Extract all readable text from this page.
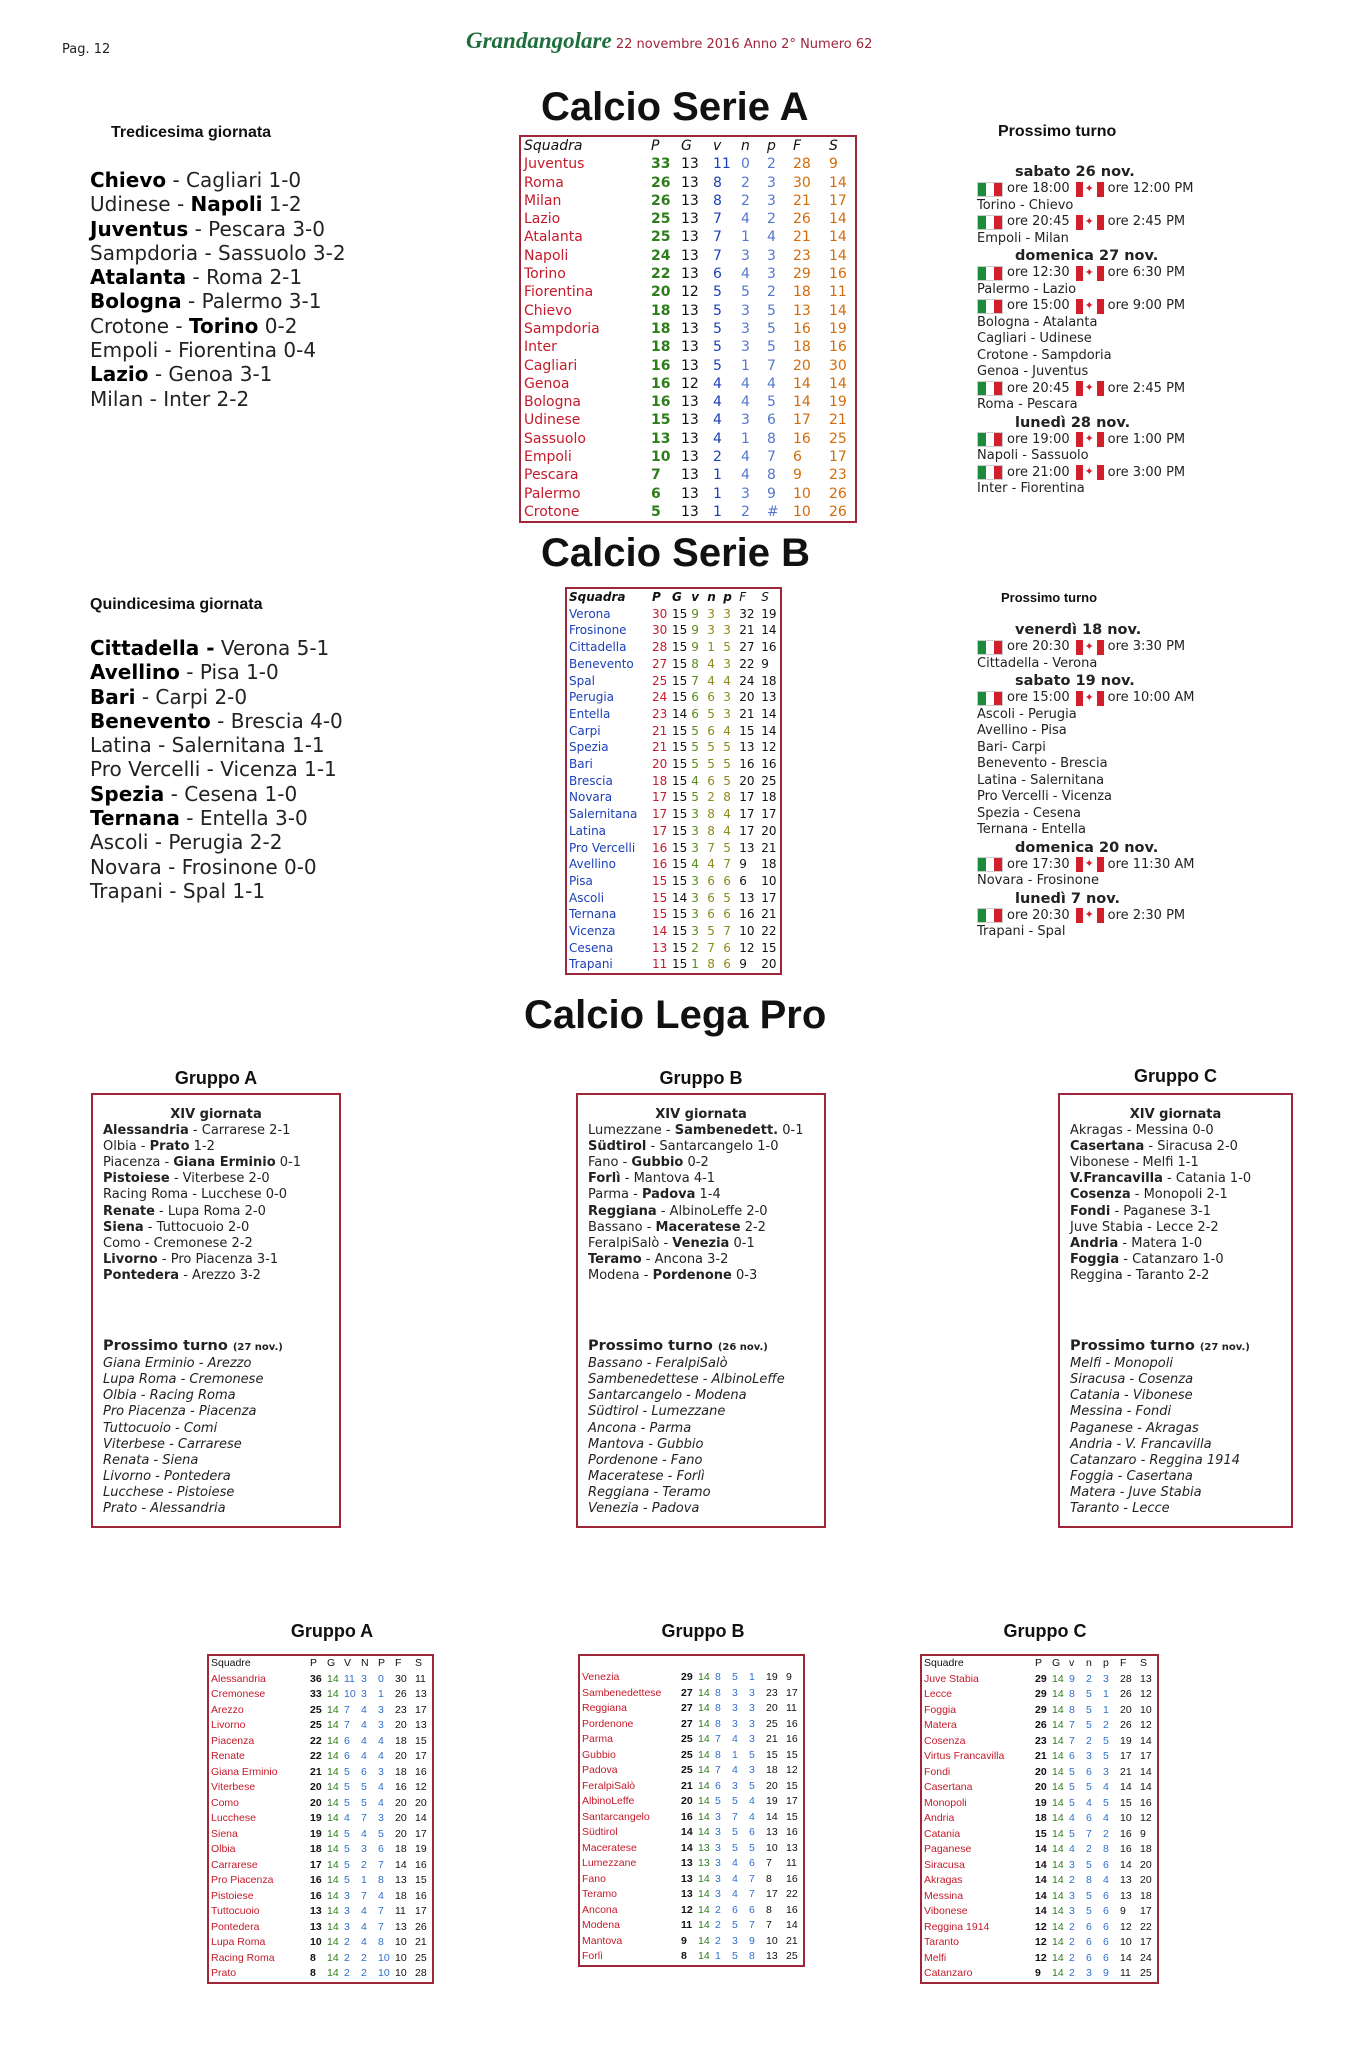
Pag. 12	Grandangolare 22 novembre 2016 Anno 2° Numero 62
Calcio Serie A
Tredicesima giornata
Chievo - Cagliari 1-0
Udinese - Napoli 1-2
Juventus - Pescara 3-0
Sampdoria - Sassuolo 3-2
Atalanta - Roma 2-1
Bologna - Palermo 3-1
Crotone - Torino 0-2
Empoli - Fiorentina 0-4
Lazio - Genoa 3-1
Milan - Inter 2-2
Squadra	P	G	v	n	p	F	S
Juventus	33	13	11	0	2	28	9
Roma	26	13	8	2	3	30	14
Milan	26	13	8	2	3	21	17
Lazio	25	13	7	4	2	26	14
Atalanta	25	13	7	1	4	21	14
Napoli	24	13	7	3	3	23	14
Torino	22	13	6	4	3	29	16
Fiorentina	20	12	5	5	2	18	11
Chievo	18	13	5	3	5	13	14
Sampdoria	18	13	5	3	5	16	19
Inter	18	13	5	3	5	18	16
Cagliari	16	13	5	1	7	20	30
Genoa	16	12	4	4	4	14	14
Bologna	16	13	4	4	5	14	19
Udinese	15	13	4	3	6	17	21
Sassuolo	13	13	4	1	8	16	25
Empoli	10	13	2	4	7	6	17
Pescara	7	13	1	4	8	9	23
Palermo	6	13	1	3	9	10	26
Crotone	5	13	1	2	#	10	26
Prossimo turno
sabato 26 nov.
ore 18:00 ✦	ore 12:00 PM
Torino - Chievo
ore 20:45 ✦	ore 2:45 PM
Empoli - Milan
domenica 27 nov.
ore 12:30 ✦	ore 6:30 PM
Palermo - Lazio
ore 15:00 ✦	ore 9:00 PM
Bologna - Atalanta
Cagliari - Udinese
Crotone - Sampdoria
Genoa - Juventus
ore 20:45 ✦	ore 2:45 PM
Roma - Pescara
lunedì 28 nov.
ore 19:00 ✦	ore 1:00 PM
Napoli - Sassuolo
ore 21:00 ✦	ore 3:00 PM
Inter - Fiorentina
Calcio Serie B
Quindicesima giornata
Cittadella - Verona 5-1
Avellino - Pisa 1-0
Bari - Carpi 2-0
Benevento - Brescia 4-0
Latina - Salernitana 1-1
Pro Vercelli - Vicenza 1-1
Spezia - Cesena 1-0
Ternana - Entella 3-0
Ascoli - Perugia 2-2
Novara - Frosinone 0-0
Trapani - Spal 1-1
Squadra	P	G	v	n	p	F	S
Verona	30	15	9	3	3	32	19
Frosinone	30	15	9	3	3	21	14
Cittadella	28	15	9	1	5	27	16
Benevento	27	15	8	4	3	22	9
Spal	25	15	7	4	4	24	18
Perugia	24	15	6	6	3	20	13
Entella	23	14	6	5	3	21	14
Carpi	21	15	5	6	4	15	14
Spezia	21	15	5	5	5	13	12
Bari	20	15	5	5	5	16	16
Brescia	18	15	4	6	5	20	25
Novara	17	15	5	2	8	17	18
Salernitana	17	15	3	8	4	17	17
Latina	17	15	3	8	4	17	20
Pro Vercelli	16	15	3	7	5	13	21
Avellino	16	15	4	4	7	9	18
Pisa	15	15	3	6	6	6	10
Ascoli	15	14	3	6	5	13	17
Ternana	15	15	3	6	6	16	21
Vicenza	14	15	3	5	7	10	22
Cesena	13	15	2	7	6	12	15
Trapani	11	15	1	8	6	9	20
Prossimo turno
venerdì 18 nov.
ore 20:30 ✦	ore 3:30 PM
Cittadella - Verona
sabato 19 nov.
ore 15:00 ✦	ore 10:00 AM
Ascoli - Perugia
Avellino - Pisa
Bari- Carpi
Benevento - Brescia
Latina - Salernitana
Pro Vercelli - Vicenza
Spezia - Cesena
Ternana - Entella
domenica 20 nov.
ore 17:30 ✦	ore 11:30 AM
Novara - Frosinone
lunedì 7 nov.
ore 20:30 ✦	ore 2:30 PM
Trapani - Spal
Calcio Lega Pro
Gruppo A
XIV giornata
Alessandria - Carrarese 2-1
Olbia - Prato 1-2
Piacenza - Giana Erminio 0-1
Pistoiese - Viterbese 2-0
Racing Roma - Lucchese 0-0
Renate - Lupa Roma 2-0
Siena - Tuttocuoio 2-0
Como - Cremonese 2-2
Livorno - Pro Piacenza 3-1
Pontedera - Arezzo 3-2
Prossimo turno (27 nov.)
Giana Erminio - Arezzo
Lupa Roma - Cremonese
Olbia - Racing Roma
Pro Piacenza - Piacenza
Tuttocuoio - Comi
Viterbese - Carrarese
Renata - Siena
Livorno - Pontedera
Lucchese - Pistoiese
Prato - Alessandria
Gruppo B
XIV giornata
Lumezzane - Sambenedett. 0-1
Südtirol - Santarcangelo 1-0
Fano - Gubbio 0-2
Forlì - Mantova 4-1
Parma - Padova 1-4
Reggiana - AlbinoLeffe 2-0
Bassano - Maceratese 2-2
FeralpiSalò - Venezia 0-1
Teramo - Ancona 3-2
Modena - Pordenone 0-3
Prossimo turno (26 nov.)
Bassano - FeralpiSalò
Sambenedettese - AlbinoLeffe
Santarcangelo - Modena
Südtirol - Lumezzane
Ancona - Parma
Mantova - Gubbio
Pordenone - Fano
Maceratese - Forlì
Reggiana - Teramo
Venezia - Padova
Gruppo C
XIV giornata
Akragas - Messina 0-0
Casertana - Siracusa 2-0
Vibonese - Melfi 1-1
V.Francavilla - Catania 1-0
Cosenza - Monopoli 2-1
Fondi - Paganese 3-1
Juve Stabia - Lecce 2-2
Andria - Matera 1-0
Foggia - Catanzaro 1-0
Reggina - Taranto 2-2
Prossimo turno (27 nov.)
Melfi - Monopoli
Siracusa - Cosenza
Catania - Vibonese
Messina - Fondi
Paganese - Akragas
Andria - V. Francavilla
Catanzaro - Reggina 1914
Foggia - Casertana
Matera - Juve Stabia
Taranto - Lecce
Gruppo A
Squadre	P	G	V	N	P	F	S
Alessandria	36	14	11	3	0	30	11
Cremonese	33	14	10	3	1	26	13
Arezzo	25	14	7	4	3	23	17
Livorno	25	14	7	4	3	20	13
Piacenza	22	14	6	4	4	18	15
Renate	22	14	6	4	4	20	17
Giana Erminio	21	14	5	6	3	18	16
Viterbese	20	14	5	5	4	16	12
Como	20	14	5	5	4	20	20
Lucchese	19	14	4	7	3	20	14
Siena	19	14	5	4	5	20	17
Olbia	18	14	5	3	6	18	19
Carrarese	17	14	5	2	7	14	16
Pro Piacenza	16	14	5	1	8	13	15
Pistoiese	16	14	3	7	4	18	16
Tuttocuoio	13	14	3	4	7	11	17
Pontedera	13	14	3	4	7	13	26
Lupa Roma	10	14	2	4	8	10	21
Racing Roma	8	14	2	2	10	10	25
Prato	8	14	2	2	10	10	28
Gruppo B

Venezia	29	14	8	5	1	19	9
Sambenedettese	27	14	8	3	3	23	17
Reggiana	27	14	8	3	3	20	11
Pordenone	27	14	8	3	3	25	16
Parma	25	14	7	4	3	21	16
Gubbio	25	14	8	1	5	15	15
Padova	25	14	7	4	3	18	12
FeralpiSalò	21	14	6	3	5	20	15
AlbinoLeffe	20	14	5	5	4	19	17
Santarcangelo	16	14	3	7	4	14	15
Südtirol	14	14	3	5	6	13	16
Maceratese	14	13	3	5	5	10	13
Lumezzane	13	13	3	4	6	7	11
Fano	13	14	3	4	7	8	16
Teramo	13	14	3	4	7	17	22
Ancona	12	14	2	6	6	8	16
Modena	11	14	2	5	7	7	14
Mantova	9	14	2	3	9	10	21
Forlì	8	14	1	5	8	13	25
Gruppo C
Squadre	P	G	v	n	p	F	S
Juve Stabia	29	14	9	2	3	28	13
Lecce	29	14	8	5	1	26	12
Foggia	29	14	8	5	1	20	10
Matera	26	14	7	5	2	26	12
Cosenza	23	14	7	2	5	19	14
Virtus Francavilla	21	14	6	3	5	17	17
Fondi	20	14	5	6	3	21	14
Casertana	20	14	5	5	4	14	14
Monopoli	19	14	5	4	5	15	16
Andria	18	14	4	6	4	10	12
Catania	15	14	5	7	2	16	9
Paganese	14	14	4	2	8	16	18
Siracusa	14	14	3	5	6	14	20
Akragas	14	14	2	8	4	13	20
Messina	14	14	3	5	6	13	18
Vibonese	14	14	3	5	6	9	17
Reggina 1914	12	14	2	6	6	12	22
Taranto	12	14	2	6	6	10	17
Melfi	12	14	2	6	6	14	24
Catanzaro	9	14	2	3	9	11	25
